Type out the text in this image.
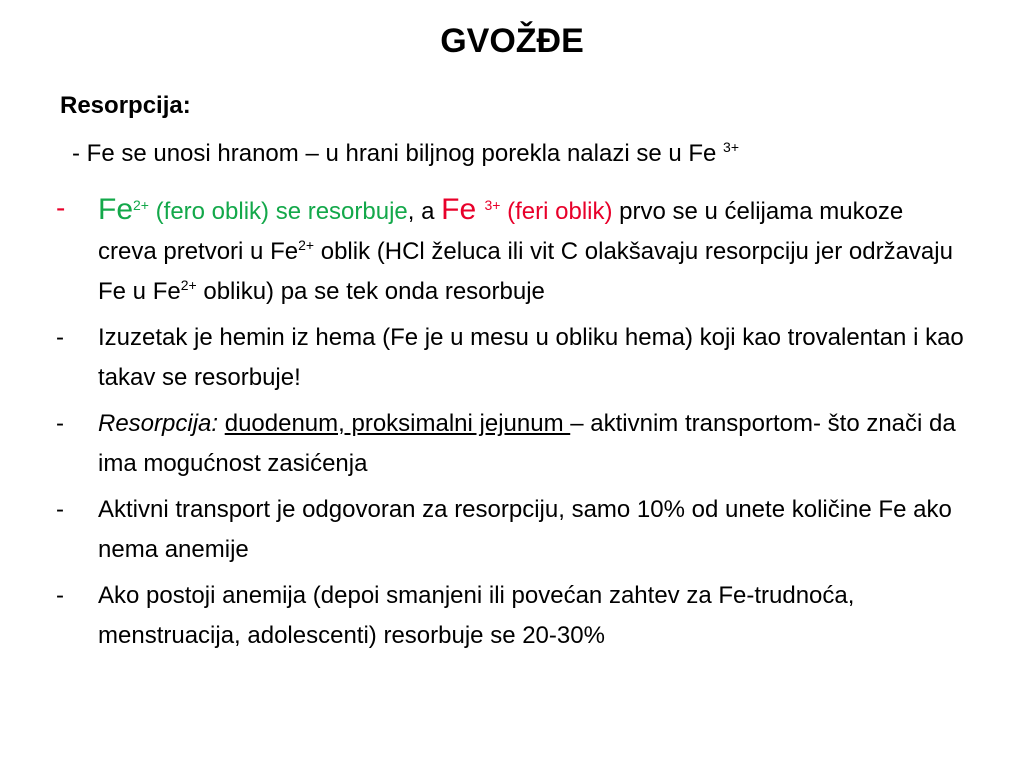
GVOŽĐE
Resorpcija:
- Fe se unosi hranom – u hrani biljnog porekla nalazi se u Fe $^{3+}$
- $Fe^{2+}$ (fero oblik) se resorbuje, a Fe $^{3+}$ (feri oblik) prvo se u ćelijama mukoze creva pretvori u $Fe^{2+}$ oblik (HCl želuca ili vit C olakšavaju resorpciju jer održavaju Fe u $Fe^{2+}$ obliku) pa se tek onda resorbuje
- Izuzetak je hemin iz hema (Fe je u mesu u obliku hema) koji kao trovalentan i kao takav se resorbuje!
- Resorpcija: duodenum, proksimalni jejunum – aktivnim transportom- što znači da ima mogućnost zasićenja
- Aktivni transport je odgovoran za resorpciju, samo 10% od unete količine Fe ako nema anemije
- Ako postoji anemija (depoi smanjeni ili povećan zahtev za Fe-trudnoća, menstruacija, adolescenti) resorbuje se 20-30%
